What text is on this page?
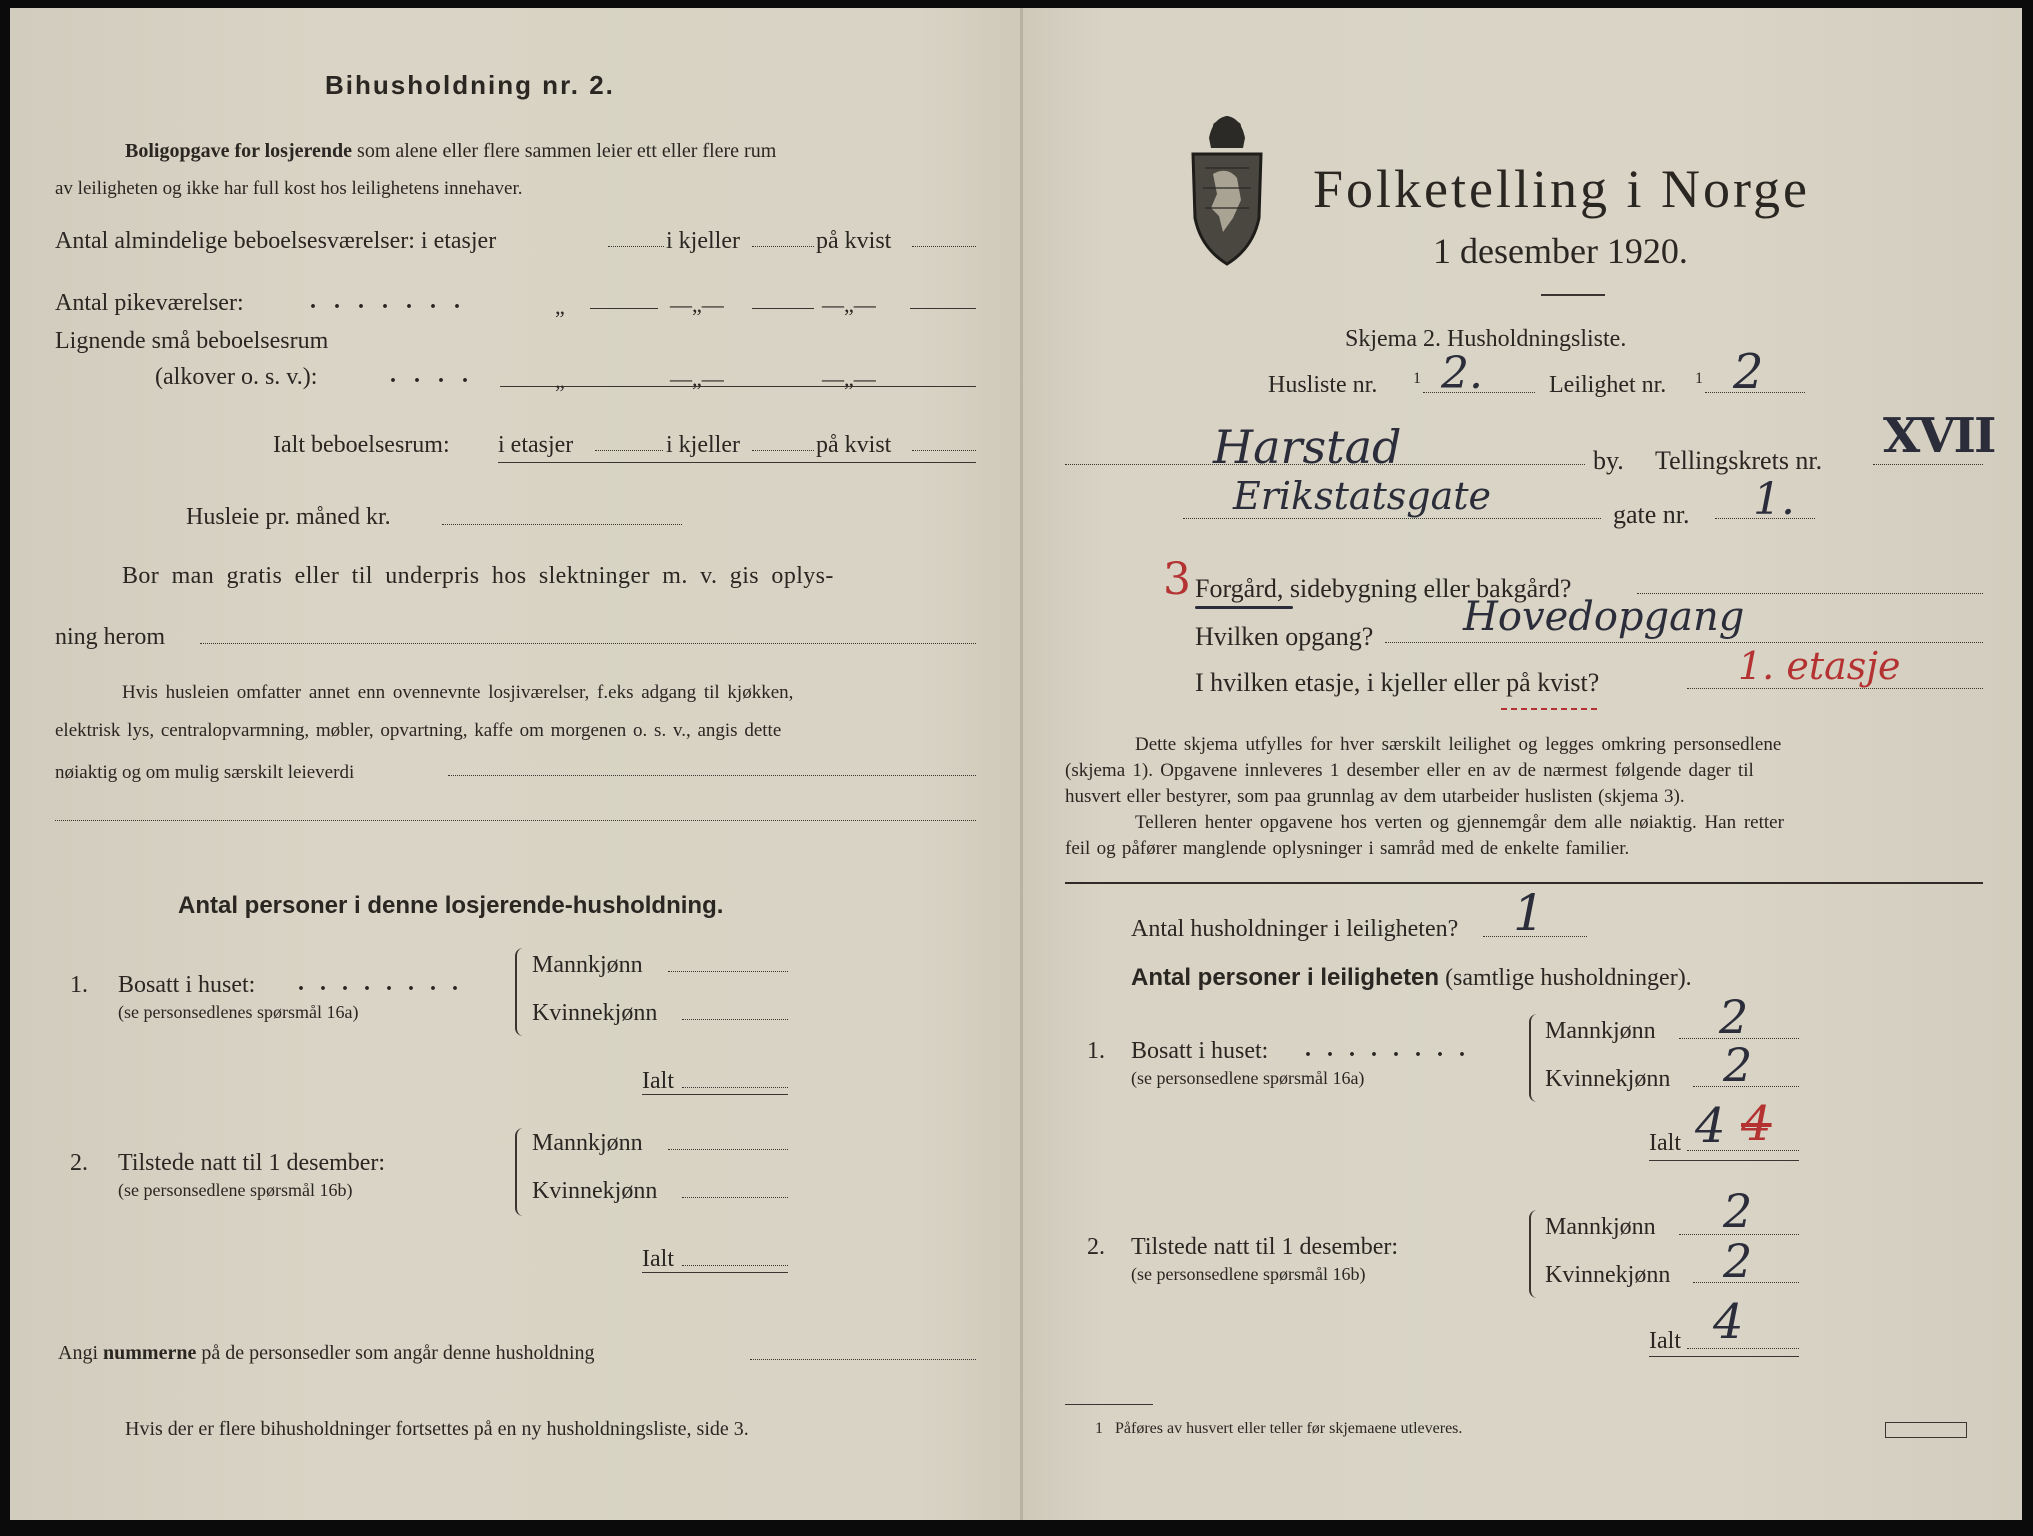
Bihusholdning nr. 2.
Boligopgave for losjerende som alene eller flere sammen leier ett eller flere rum
av leiligheten og ikke har full kost hos leilighetens innehaver.
Antal almindelige beboelsesværelser: i etasjer	i kjeller	på kvist
Antal pikeværelser:	. . . . . . .	„	—„—	—„—
Lignende små beboelsesrum
(alkover o. s. v.):	. . . .	„	—„—	—„—
Ialt beboelsesrum: i etasjer	i kjeller	på kvist
Husleie pr. måned kr.
Bor man gratis eller til underpris hos slektninger m. v. gis oplys-
ning herom
Hvis husleien omfatter annet enn ovennevnte losjiværelser, f.eks adgang til kjøkken,
elektrisk lys, centralopvarmning, møbler, opvartning, kaffe om morgenen o. s. v., angis dette
nøiaktig og om mulig særskilt leieverdi
Antal personer i denne losjerende-husholdning.
1. Bosatt i huset: . . . . . . . .
(se personsedlenes spørsmål 16a)
Mannkjønn
Kvinnekjønn
Ialt
2. Tilstede natt til 1 desember:
(se personsedlene spørsmål 16b)
Mannkjønn
Kvinnekjønn
Ialt
Angi nummerne på de personsedler som angår denne husholdning
Hvis der er flere bihusholdninger fortsettes på en ny husholdningsliste, side 3.
Folketelling i Norge
1 desember 1920.
Skjema 2. Husholdningsliste.
Husliste nr. 1 2.	Leilighet nr. 1 2
Harstad	by. Tellingskrets nr. XVII
Erikstatsgate	gate nr. 1.
3 Forgård, sidebygning eller bakgård?
Hvilken opgang? Hovedopgang
I hvilken etasje, i kjeller eller på kvist?	1. etasje
Dette skjema utfylles for hver særskilt leilighet og legges omkring personsedlene
(skjema 1). Opgavene innleveres 1 desember eller en av de nærmest følgende dager til
husvert eller bestyrer, som paa grunnlag av dem utarbeider huslisten (skjema 3).
Telleren henter opgavene hos verten og gjennemgår dem alle nøiaktig. Han retter
feil og påfører manglende oplysninger i samråd med de enkelte familier.
Antal husholdninger i leiligheten? 1
Antal personer i leiligheten (samtlige husholdninger).
1. Bosatt i huset: . . . . . . . .
(se personsedlene spørsmål 16a)
Mannkjønn 2
Kvinnekjønn 2
Ialt 4 4
2. Tilstede natt til 1 desember:
(se personsedlene spørsmål 16b)
Mannkjønn 2
Kvinnekjønn 2
Ialt 4
1 Påføres av husvert eller teller før skjemaene utleveres.
